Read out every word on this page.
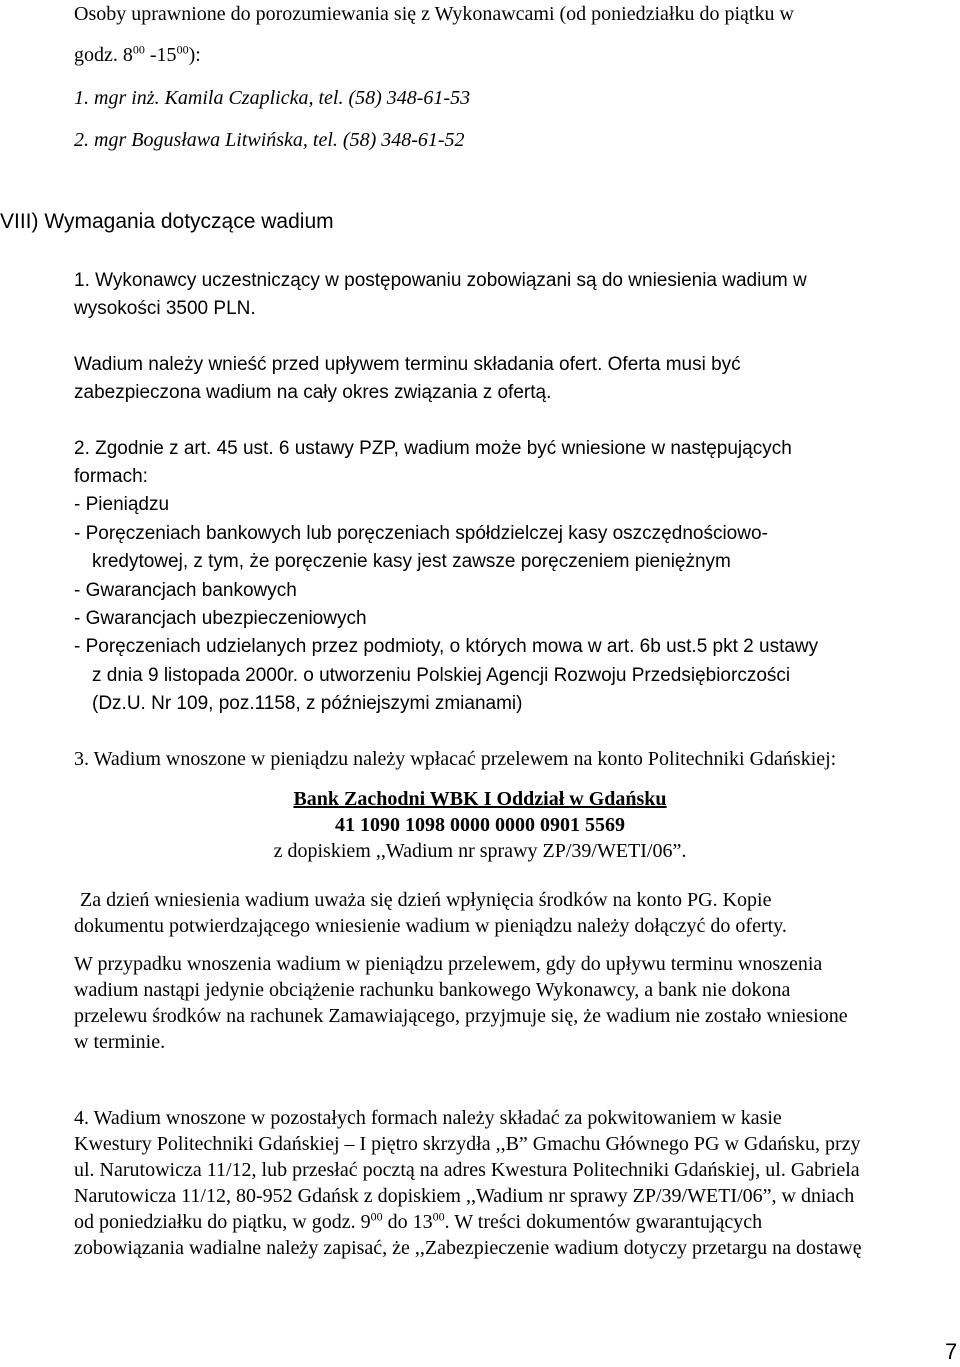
Osoby uprawnione do porozumiewania się z Wykonawcami (od poniedziałku do piątku w
godz. $8^{00}$ $-15^{00}$):
1. mgr inż. Kamila Czaplicka, tel. (58) 348-61-53
2. mgr Bogusława Litwińska, tel. (58) 348-61-52
VIII) Wymagania dotyczące wadium
1. Wykonawcy uczestniczący w postępowaniu zobowiązani są do wniesienia wadium w
wysokości 3500 PLN.
Wadium należy wnieść przed upływem terminu składania ofert. Oferta musi być
zabezpieczona wadium na cały okres związania z ofertą.
2. Zgodnie z art. 45 ust. 6 ustawy PZP, wadium może być wniesione w następujących
formach:
- Pieniądzu
- Poręczeniach bankowych lub poręczeniach spółdzielczej kasy oszczędnościowo-
kredytowej, z tym, że poręczenie kasy jest zawsze poręczeniem pieniężnym
- Gwarancjach bankowych
- Gwarancjach ubezpieczeniowych
- Poręczeniach udzielanych przez podmioty, o których mowa w art. 6b ust.5 pkt 2 ustawy
z dnia 9 listopada 2000r. o utworzeniu Polskiej Agencji Rozwoju Przedsiębiorczości
(Dz.U. Nr 109, poz.1158, z późniejszymi zmianami)
3. Wadium wnoszone w pieniądzu należy wpłacać przelewem na konto Politechniki Gdańskiej:
Bank Zachodni WBK I Oddział w Gdańsku
41 1090 1098 0000 0000 0901 5569
z dopiskiem ,,Wadium nr sprawy ZP/39/WETI/06”.
Za dzień wniesienia wadium uważa się dzień wpłynięcia środków na konto PG. Kopie
dokumentu potwierdzającego wniesienie wadium w pieniądzu należy dołączyć do oferty.
W przypadku wnoszenia wadium w pieniądzu przelewem, gdy do upływu terminu wnoszenia
wadium nastąpi jedynie obciążenie rachunku bankowego Wykonawcy, a bank nie dokona
przelewu środków na rachunek Zamawiającego, przyjmuje się, że wadium nie zostało wniesione
w terminie.
4. Wadium wnoszone w pozostałych formach należy składać za pokwitowaniem w kasie
Kwestury Politechniki Gdańskiej – I piętro skrzydła ,,B” Gmachu Głównego PG w Gdańsku, przy
ul. Narutowicza 11/12, lub przesłać pocztą na adres Kwestura Politechniki Gdańskiej, ul. Gabriela
Narutowicza 11/12, 80-952 Gdańsk z dopiskiem ,,Wadium nr sprawy ZP/39/WETI/06”, w dniach
od poniedziałku do piątku, w godz. $9^{00}$ do $13^{00}$. W treści dokumentów gwarantujących
zobowiązania wadialne należy zapisać, że ,,Zabezpieczenie wadium dotyczy przetargu na dostawę
7
